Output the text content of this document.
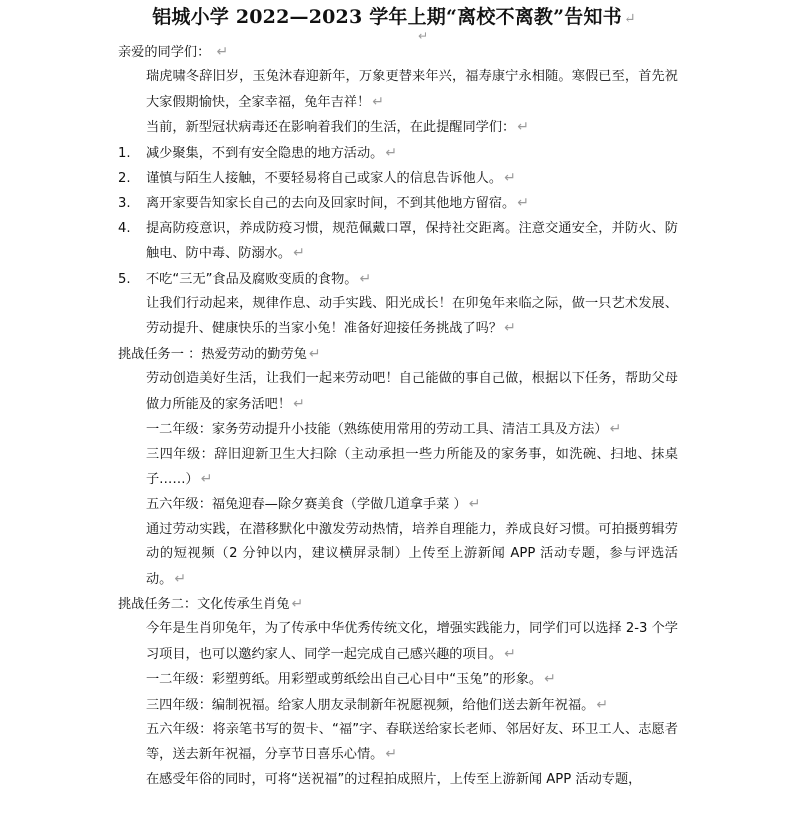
铝城小学 2022—2023 学年上期“离校不离教”告知书 ↵
↵

亲爱的同学们： ↵

瑞虎啸冬辞旧岁，玉兔沐春迎新年，万象更替来年兴，福寿康宁永相随。寒假已至，首先祝大家假期愉快，全家幸福，兔年吉祥！ ↵

当前，新型冠状病毒还在影响着我们的生活，在此提醒同学们： ↵

1. 减少聚集，不到有安全隐患的地方活动。 ↵

2. 谨慎与陌生人接触，不要轻易将自己或家人的信息告诉他人。 ↵

3. 离开家要告知家长自己的去向及回家时间，不到其他地方留宿。 ↵

4.	提高防疫意识，养成防疫习惯，规范佩戴口罩，保持社交距离。注意交通安全，并防火、防触电、防中毒、防溺水。 ↵

5. 不吃“三无”食品及腐败变质的食物。 ↵

让我们行动起来，规律作息、动手实践、阳光成长！在卯兔年来临之际，做一只艺术发展、劳动提升、健康快乐的当家小兔！准备好迎接任务挑战了吗？ ↵

挑战任务一 ：热爱劳动的勤劳兔 ↵

劳动创造美好生活，让我们一起来劳动吧！自己能做的事自己做，根据以下任务，帮助父母做力所能及的家务活吧！ ↵

一二年级：家务劳动提升小技能（熟练使用常用的劳动工具、清洁工具及方法） ↵

三四年级：辞旧迎新卫生大扫除（主动承担一些力所能及的家务事，如洗碗、扫地、抹桌子……） ↵

五六年级：福兔迎春—除夕赛美食（学做几道拿手菜 ） ↵

通过劳动实践，在潜移默化中激发劳动热情，培养自理能力，养成良好习惯。可拍摄剪辑劳动的短视频（2 分钟以内，建议横屏录制）上传至上游新闻 APP 活动专题，参与评选活动。 ↵

挑战任务二：文化传承生肖兔 ↵

今年是生肖卯兔年，为了传承中华优秀传统文化，增强实践能力，同学们可以选择 2-3 个学习项目，也可以邀约家人、同学一起完成自己感兴趣的项目。 ↵

一二年级：彩塑剪纸。用彩塑或剪纸绘出自己心目中“玉兔”的形象。 ↵

三四年级：编制祝福。给家人朋友录制新年祝愿视频，给他们送去新年祝福。 ↵

五六年级：将亲笔书写的贺卡、“福”字、春联送给家长老师、邻居好友、环卫工人、志愿者等，送去新年祝福，分享节日喜乐心情。 ↵

在感受年俗的同时，可将“送祝福”的过程拍成照片，上传至上游新闻 APP 活动专题，
